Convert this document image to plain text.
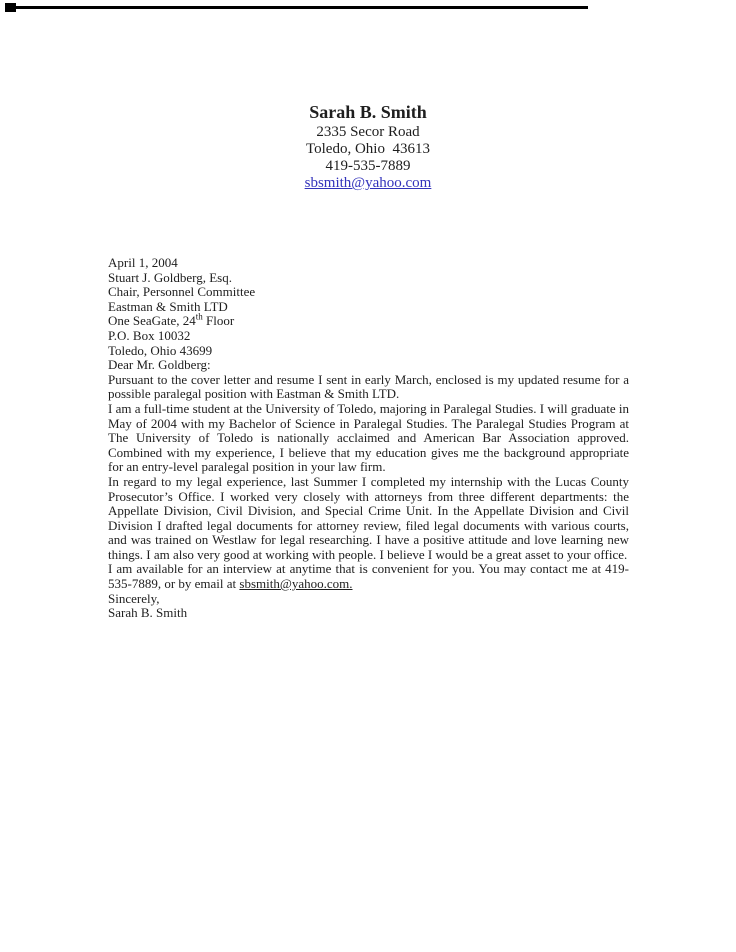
Sarah B. Smith
2335 Secor Road
Toledo, Ohio  43613
419-535-7889
sbsmith@yahoo.com
April 1, 2004
Stuart J. Goldberg, Esq.
Chair, Personnel Committee
Eastman & Smith LTD
One SeaGate, 24th Floor
P.O. Box 10032
Toledo, Ohio 43699
Dear Mr. Goldberg:

Pursuant to the cover letter and resume I sent in early March, enclosed is my updated resume for a possible paralegal position with Eastman & Smith LTD.

I am a full-time student at the University of Toledo, majoring in Paralegal Studies. I will graduate in May of 2004 with my Bachelor of Science in Paralegal Studies. The Paralegal Studies Program at The University of Toledo is nationally acclaimed and American Bar Association approved. Combined with my experience, I believe that my education gives me the background appropriate for an entry-level paralegal position in your law firm.

In regard to my legal experience, last Summer I completed my internship with the Lucas County Prosecutor’s Office. I worked very closely with attorneys from three different departments: the Appellate Division, Civil Division, and Special Crime Unit. In the Appellate Division and Civil Division I drafted legal documents for attorney review, filed legal documents with various courts, and was trained on Westlaw for legal researching. I have a positive attitude and love learning new things. I am also very good at working with people. I believe I would be a great asset to your office.

I am available for an interview at anytime that is convenient for you. You may contact me at 419-535-7889, or by email at sbsmith@yahoo.com.

Sincerely,
Sarah B. Smith
